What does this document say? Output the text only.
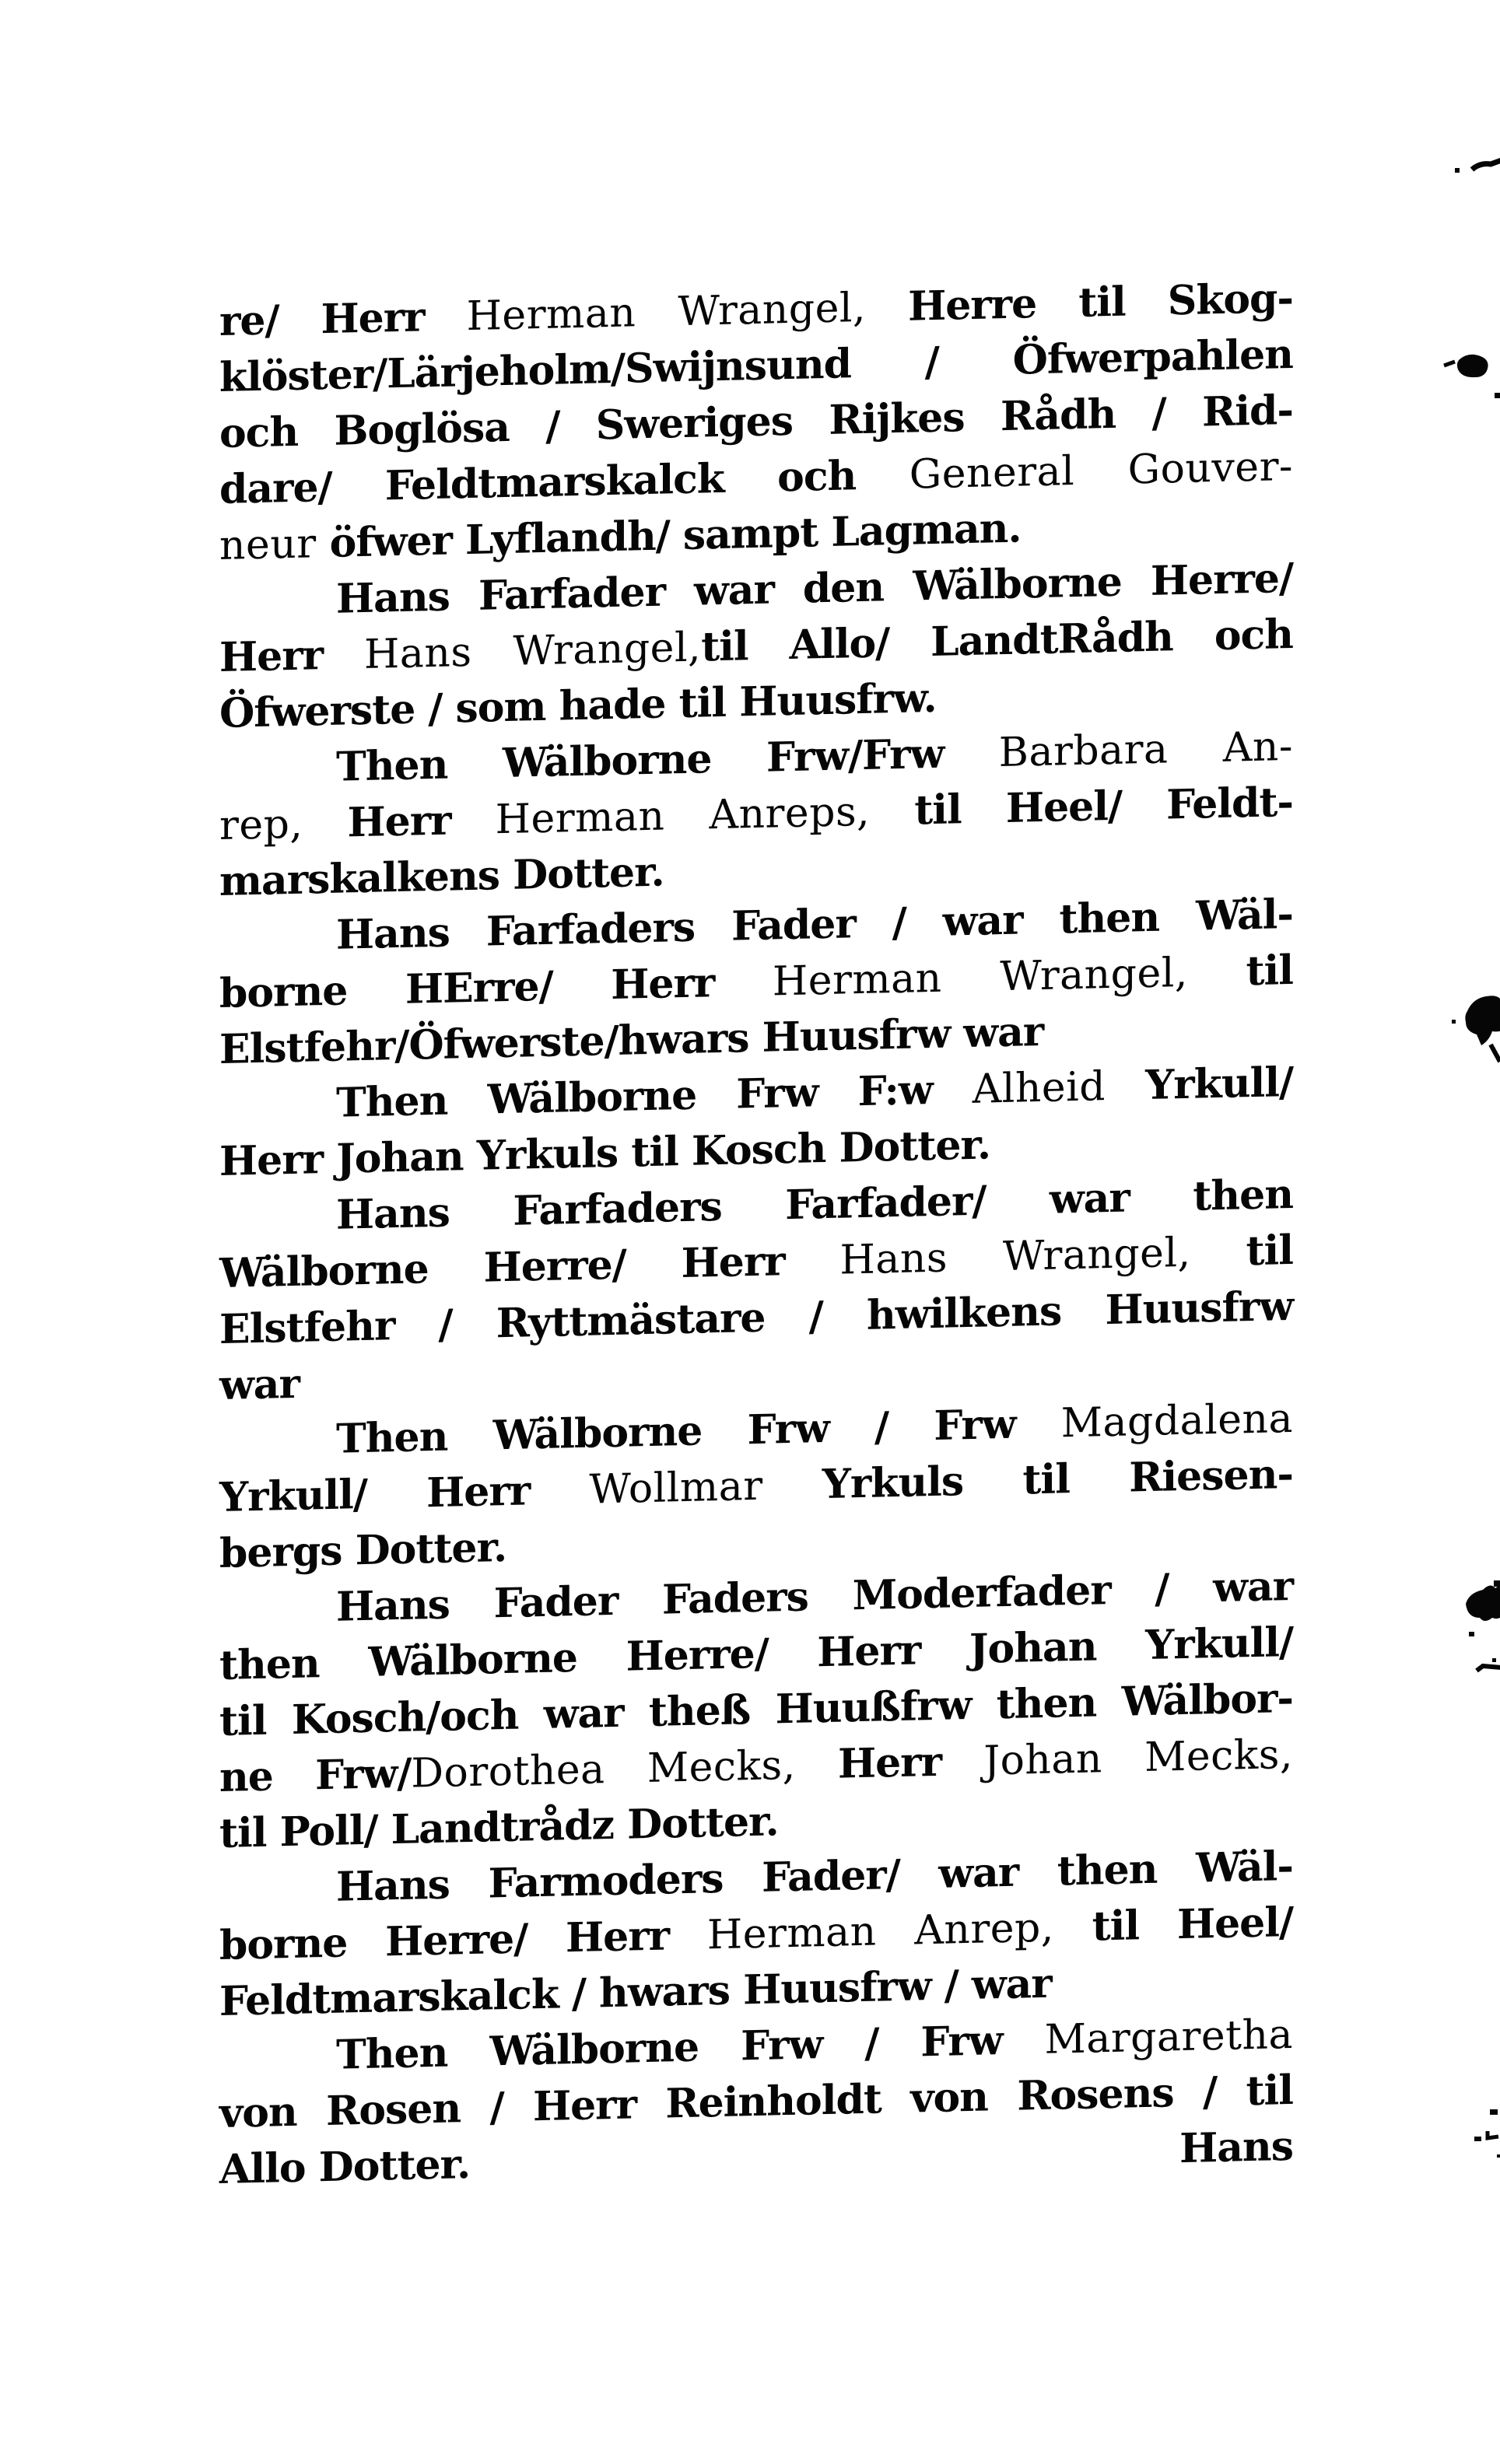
re/ Herr Herman Wrangel, Herre til Skog-
klöster/Lärjeholm/Swijnsund / Öfwerpahlen
och Boglösa / Sweriges Rijkes Rådh / Rid-
dare/ Feldtmarskalck och General Gouver-
neur öfwer Lyflandh/ sampt Lagman.
Hans Farfader war den Wälborne Herre/
Herr Hans Wrangel,til Allo/ LandtRådh och
Öfwerste / som hade til Huusfrw.
Then Wälborne Frw/Frw Barbara An-
rep, Herr Herman Anreps, til Heel/ Feldt-
marskalkens Dotter.
Hans Farfaders Fader / war then Wäl-
borne HErre/ Herr Herman Wrangel, til
Elstfehr/Öfwerste/hwars Huusfrw war
Then Wälborne Frw F:w Alheid Yrkull/
Herr Johan Yrkuls til Kosch Dotter.
Hans Farfaders Farfader/ war then
Wälborne Herre/ Herr Hans Wrangel, til
Elstfehr / Ryttmästare / hwilkens Huusfrw
war
Then Wälborne Frw / Frw Magdalena
Yrkull/ Herr Wollmar Yrkuls til Riesen-
bergs Dotter.
Hans Fader Faders Moderfader / war
then Wälborne Herre/ Herr Johan Yrkull/
til Kosch/och war theß Huußfrw then Wälbor-
ne Frw/Dorothea Mecks, Herr Johan Mecks,
til Poll/ Landtrådz Dotter.
Hans Farmoders Fader/ war then Wäl-
borne Herre/ Herr Herman Anrep, til Heel/
Feldtmarskalck / hwars Huusfrw / war
Then Wälborne Frw / Frw Margaretha
von Rosen / Herr Reinholdt von Rosens / til
Allo Dotter.	Hans
